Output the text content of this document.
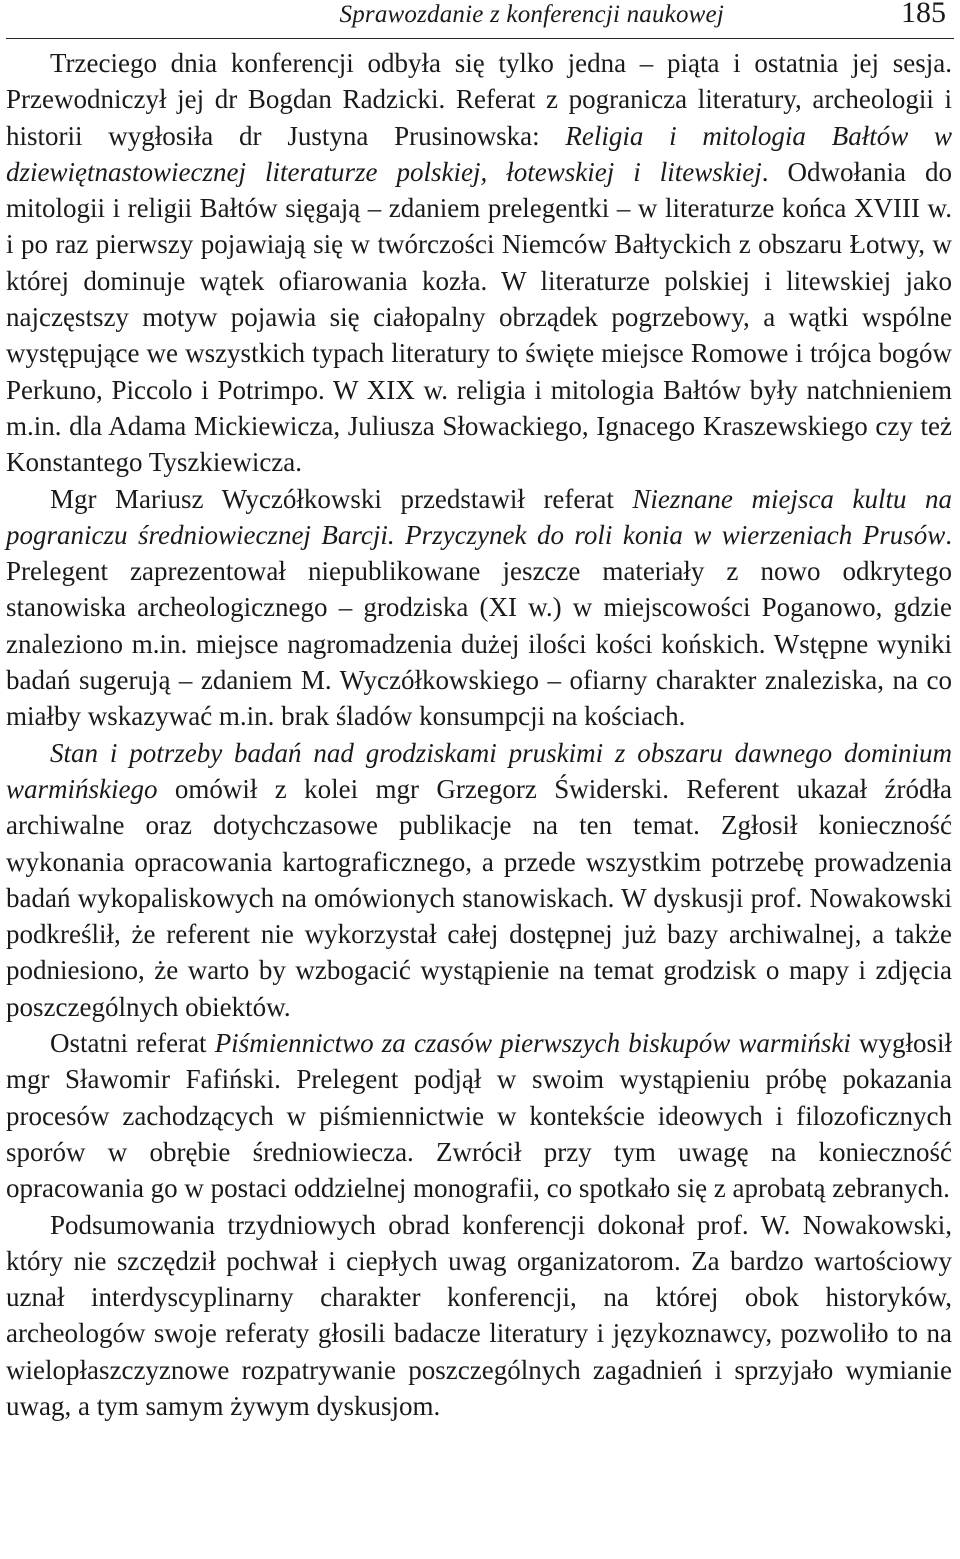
Sprawozdanie z konferencji naukowej	185

Trzeciego dnia konferencji odbyła się tylko jedna – piąta i ostatnia jej sesja. Przewodniczył jej dr Bogdan Radzicki. Referat z pogranicza literatury, archeologii i historii wygłosiła dr Justyna Prusinowska: Religia i mitologia Bałtów w dziewiętnastowiecznej literaturze polskiej, łotewskiej i litewskiej. Odwołania do mitologii i religii Bałtów sięgają – zdaniem prelegentki – w literaturze końca XVIII w. i po raz pierwszy pojawiają się w twórczości Niemców Bałtyckich z obszaru Łotwy, w której dominuje wątek ofiarowania kozła. W literaturze polskiej i litewskiej jako najczęstszy motyw pojawia się ciałopalny obrządek pogrzebowy, a wątki wspólne występujące we wszystkich typach literatury to święte miejsce Romowe i trójca bogów Perkuno, Piccolo i Potrimpo. W XIX w. religia i mitologia Bałtów były natchnieniem m.in. dla Adama Mickiewicza, Juliusza Słowackiego, Ignacego Kraszewskiego czy też Konstantego Tyszkiewicza.

Mgr Mariusz Wyczółkowski przedstawił referat Nieznane miejsca kultu na pograniczu średniowiecznej Barcji. Przyczynek do roli konia w wierzeniach Prusów. Prelegent zaprezentował niepublikowane jeszcze materiały z nowo odkrytego stanowiska archeologicznego – grodziska (XI w.) w miejscowości Poganowo, gdzie znaleziono m.in. miejsce nagromadzenia dużej ilości kości końskich. Wstępne wyniki badań sugerują – zdaniem M. Wyczółkowskiego – ofiarny charakter znaleziska, na co miałby wskazywać m.in. brak śladów konsumpcji na kościach.

Stan i potrzeby badań nad grodziskami pruskimi z obszaru dawnego dominium warmińskiego omówił z kolei mgr Grzegorz Świderski. Referent ukazał źródła archiwalne oraz dotychczasowe publikacje na ten temat. Zgłosił konieczność wykonania opracowania kartograficznego, a przede wszystkim potrzebę prowadzenia badań wykopaliskowych na omówionych stanowiskach. W dyskusji prof. Nowakowski podkreślił, że referent nie wykorzystał całej dostępnej już bazy archiwalnej, a także podniesiono, że warto by wzbogacić wystąpienie na temat grodzisk o mapy i zdjęcia poszczególnych obiektów.

Ostatni referat Piśmiennictwo za czasów pierwszych biskupów warmiński wygłosił mgr Sławomir Fafiński. Prelegent podjął w swoim wystąpieniu próbę pokazania procesów zachodzących w piśmiennictwie w kontekście ideowych i filozoficznych sporów w obrębie średniowiecza. Zwrócił przy tym uwagę na konieczność opracowania go w postaci oddzielnej monografii, co spotkało się z aprobatą zebranych.

Podsumowania trzydniowych obrad konferencji dokonał prof. W. Nowakowski, który nie szczędził pochwał i ciepłych uwag organizatorom. Za bardzo wartościowy uznał interdyscyplinarny charakter konferencji, na której obok historyków, archeologów swoje referaty głosili badacze literatury i językoznawcy, pozwoliło to na wielopłaszczyznowe rozpatrywanie poszczególnych zagadnień i sprzyjało wymianie uwag, a tym samym żywym dyskusjom.
